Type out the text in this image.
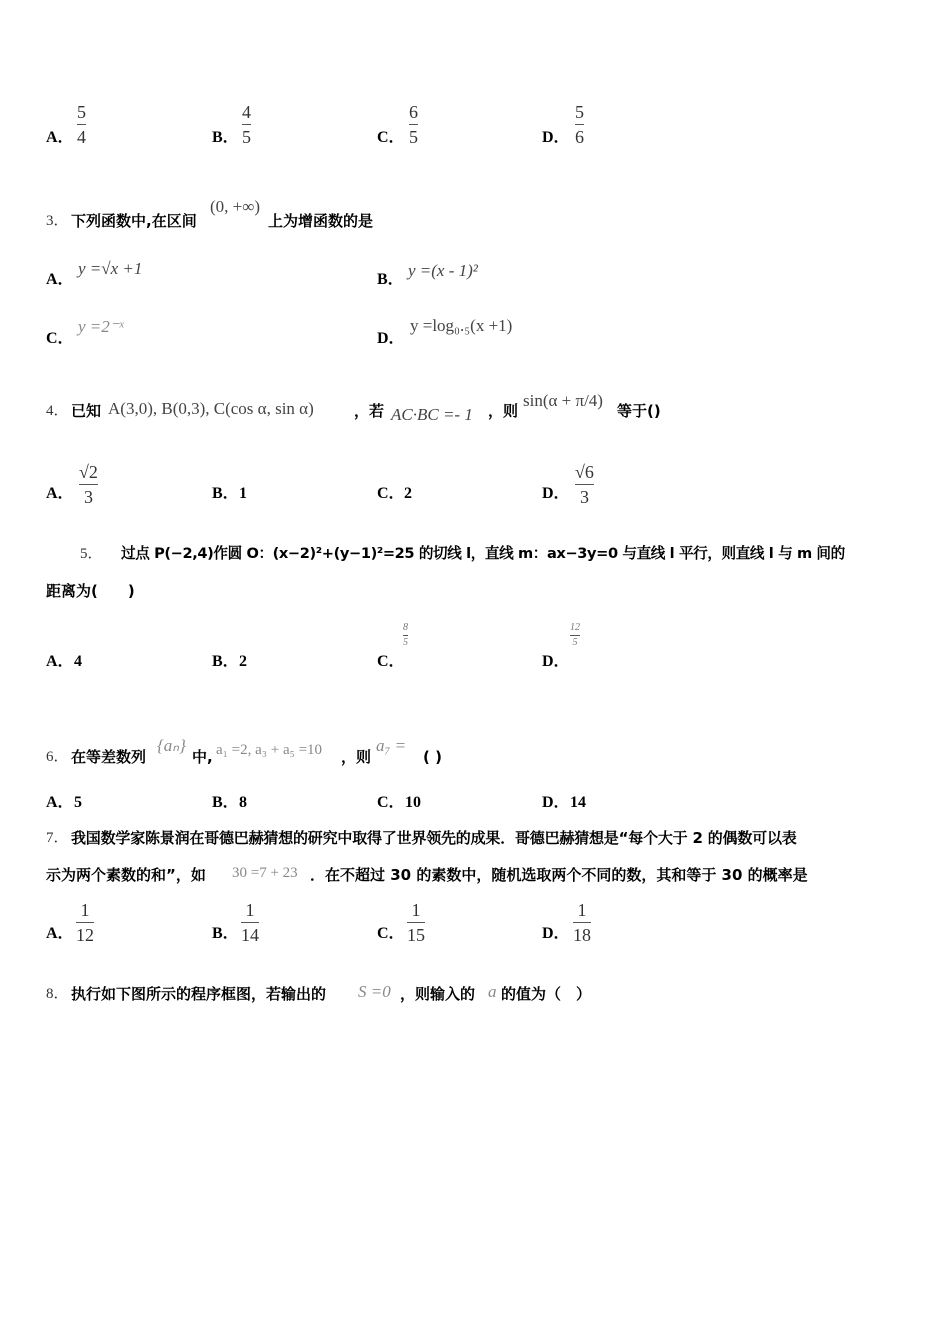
A．
5
4	B．
4
5	C．
6
5	D．
5
6
3． 下列函数中,在区间
(0, +∞)
上为增函数的是
A．
y =√x +1
B． y =(x - 1)²
C．
y =2⁻ˣ
D．
y =log₀.₅(x +1)
4． 已知 A(3,0), B(0,3), C(cos α, sin α)	，若 AC·BC =- 1 ，则
sin(α + π/4)
等于()
A．
√2
3	B． 1	C． 2	D．
√6
3
5． 过点 P(−2,4)作圆 O：(x−2)²+(y−1)²=25 的切线 l，直线 m：ax−3y=0 与直线 l 平行，则直线 l 与 m 间的
距离为(　　)
A． 4	B． 2	C．
8
5
D．
12
5
6． 在等差数列
{aₙ}
中, a₁ =2, a₃ + a₅ =10 ，则
a₇ =
( )
A． 5	B． 8	C． 10	D． 14
7． 我国数学家陈景润在哥德巴赫猜想的研究中取得了世界领先的成果．哥德巴赫猜想是“每个大于 2 的偶数可以表
示为两个素数的和”，如 30 =7 + 23 ．在不超过 30 的素数中，随机选取两个不同的数，其和等于 30 的概率是
A．
1
12	B．
1
14	C．
1
15	D．
1
18
8． 执行如下图所示的程序框图，若输出的 S =0 ，则输入的 a 的值为（　）
